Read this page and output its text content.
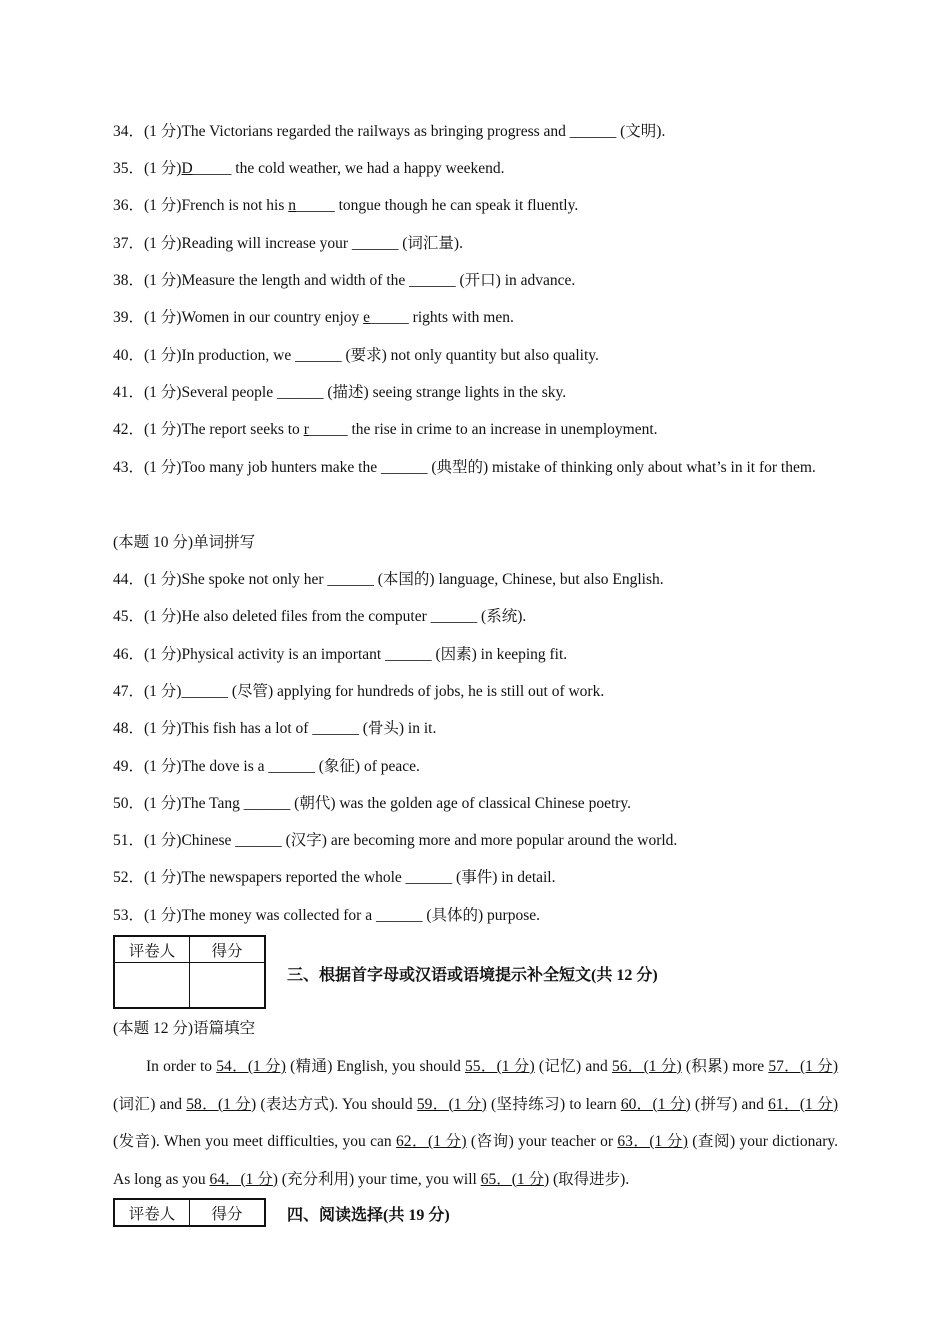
34．(1 分)The Victorians regarded the railways as bringing progress and ______ (文明).
35．(1 分)D_____ the cold weather, we had a happy weekend.
36．(1 分)French is not his n_____ tongue though he can speak it fluently.
37．(1 分)Reading will increase your ______ (词汇量).
38．(1 分)Measure the length and width of the ______ (开口) in advance.
39．(1 分)Women in our country enjoy e_____ rights with men.
40．(1 分)In production, we ______ (要求) not only quantity but also quality.
41．(1 分)Several people ______ (描述) seeing strange lights in the sky.
42．(1 分)The report seeks to r_____ the rise in crime to an increase in unemployment.
43．(1 分)Too many job hunters make the ______ (典型的) mistake of thinking only about what’s in it for them.
(本题 10 分)单词拼写
44．(1 分)She spoke not only her ______ (本国的) language, Chinese, but also English.
45．(1 分)He also deleted files from the computer ______ (系统).
46．(1 分)Physical activity is an important ______ (因素) in keeping fit.
47．(1 分)______ (尽管) applying for hundreds of jobs, he is still out of work.
48．(1 分)This fish has a lot of ______ (骨头) in it.
49．(1 分)The dove is a ______ (象征) of peace.
50．(1 分)The Tang ______ (朝代) was the golden age of classical Chinese poetry.
51．(1 分)Chinese ______ (汉字) are becoming more and more popular around the world.
52．(1 分)The newspapers reported the whole ______ (事件) in detail.
53．(1 分)The money was collected for a ______ (具体的) purpose.
评卷人	得分

三、根据首字母或汉语或语境提示补全短文(共 12 分)
(本题 12 分)语篇填空
In order to 54．(1 分) (精通) English, you should 55．(1 分) (记忆) and 56．(1 分) (积累) more 57．(1 分) (词汇) and 58．(1 分) (表达方式). You should 59．(1 分) (坚持练习) to learn 60．(1 分) (拼写) and 61．(1 分) (发音). When you meet difficulties, you can 62．(1 分) (咨询) your teacher or 63．(1 分) (查阅) your dictionary. As long as you 64．(1 分) (充分利用) your time, you will 65．(1 分) (取得进步).
评卷人	得分	四、阅读选择(共 19 分)
